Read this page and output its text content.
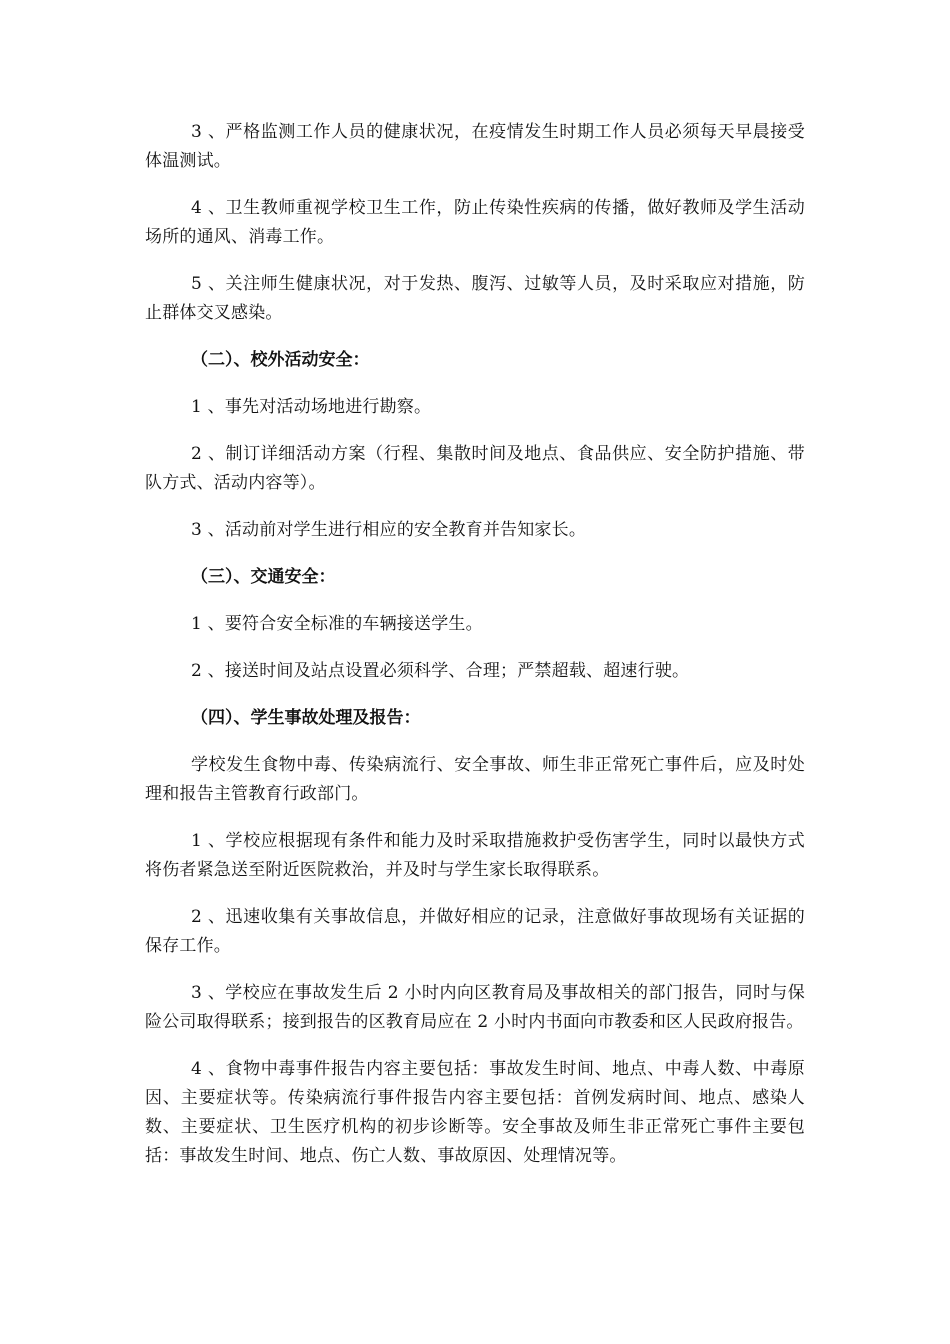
3 、严格监测工作人员的健康状况，在疫情发生时期工作人员必须每天早晨接受体温测试。

4 、卫生教师重视学校卫生工作，防止传染性疾病的传播，做好教师及学生活动场所的通风、消毒工作。

5 、关注师生健康状况，对于发热、腹泻、过敏等人员，及时采取应对措施，防止群体交叉感染。

（二）、校外活动安全：

1 、事先对活动场地进行勘察。

2 、制订详细活动方案（行程、集散时间及地点、食品供应、安全防护措施、带队方式、活动内容等）。

3 、活动前对学生进行相应的安全教育并告知家长。

（三）、交通安全：

1 、要符合安全标准的车辆接送学生。

2 、接送时间及站点设置必须科学、合理；严禁超载、超速行驶。

（四）、学生事故处理及报告：

学校发生食物中毒、传染病流行、安全事故、师生非正常死亡事件后，应及时处理和报告主管教育行政部门。

1 、学校应根据现有条件和能力及时采取措施救护受伤害学生，同时以最快方式将伤者紧急送至附近医院救治，并及时与学生家长取得联系。

2 、迅速收集有关事故信息，并做好相应的记录，注意做好事故现场有关证据的保存工作。

3 、学校应在事故发生后 2 小时内向区教育局及事故相关的部门报告，同时与保险公司取得联系；接到报告的区教育局应在 2 小时内书面向市教委和区人民政府报告。

4 、食物中毒事件报告内容主要包括：事故发生时间、地点、中毒人数、中毒原因、主要症状等。传染病流行事件报告内容主要包括：首例发病时间、地点、感染人数、主要症状、卫生医疗机构的初步诊断等。安全事故及师生非正常死亡事件主要包括：事故发生时间、地点、伤亡人数、事故原因、处理情况等。
